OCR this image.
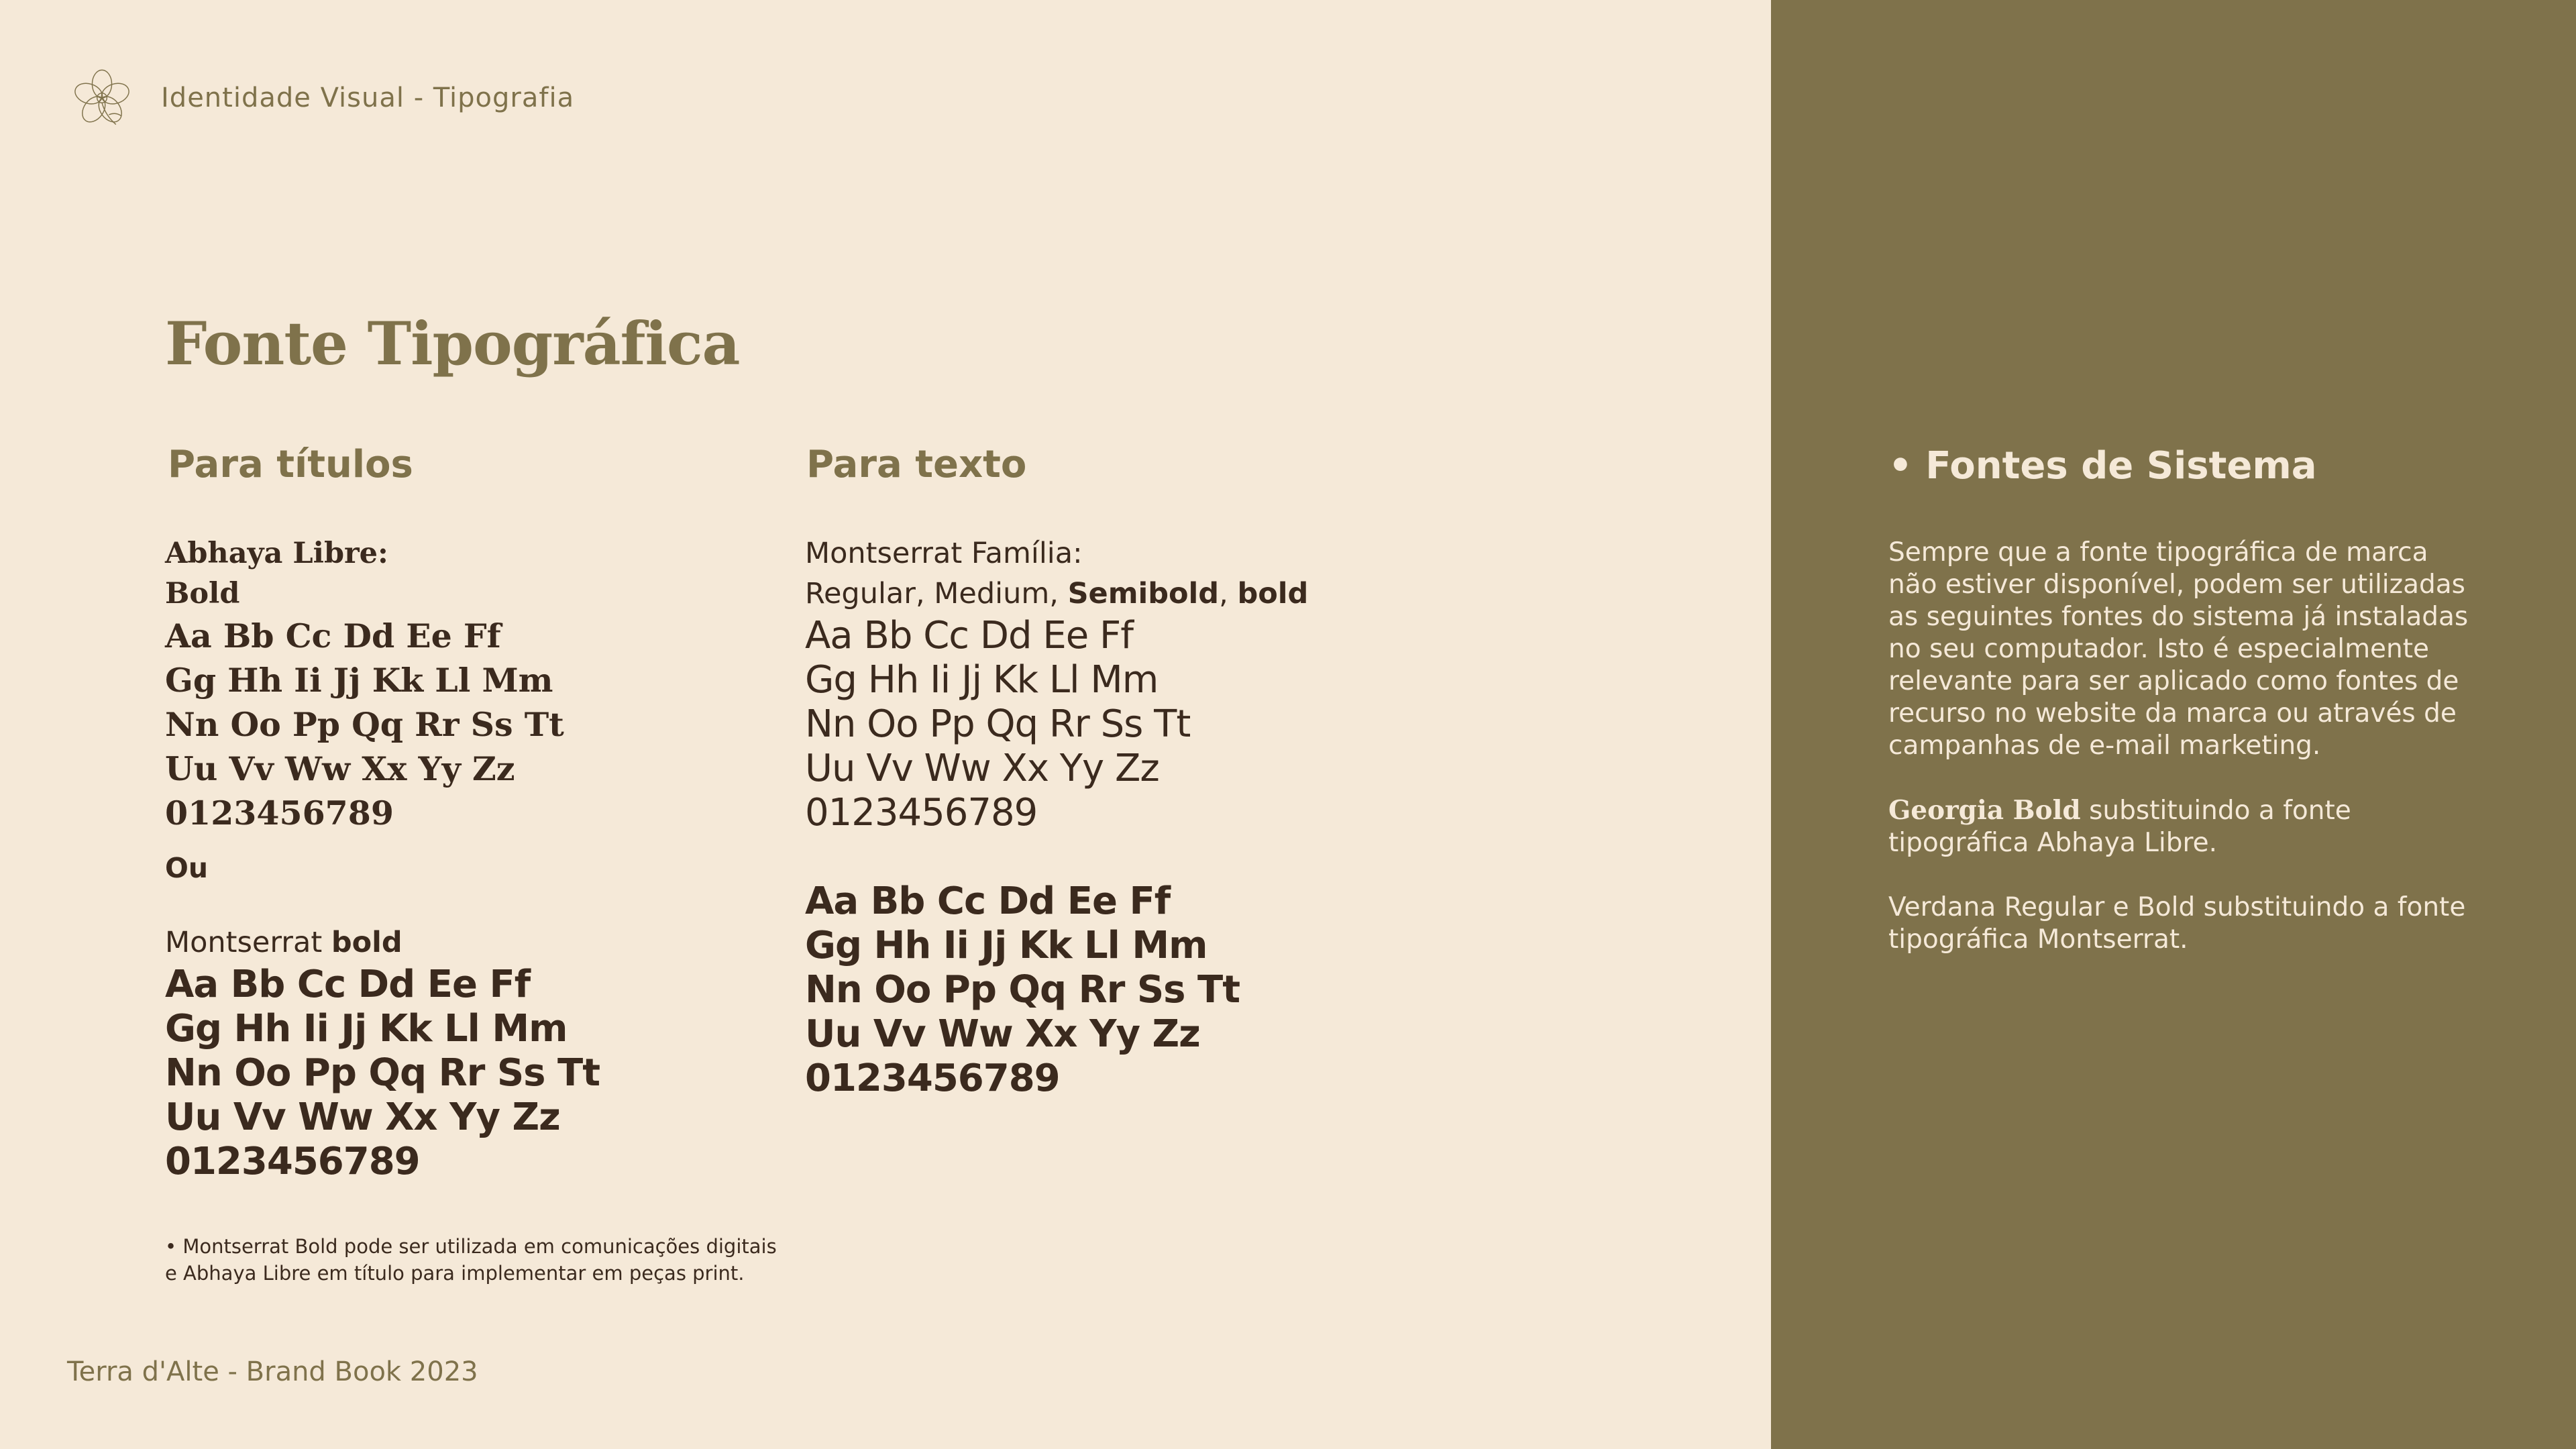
Identidade Visual - Tipografia
Fonte Tipográfica
Para títulos	Para texto
Abhaya Libre:
Bold
Aa Bb Cc Dd Ee Ff
Gg Hh Ii Jj Kk Ll Mm
Nn Oo Pp Qq Rr Ss Tt
Uu Vv Ww Xx Yy Zz
0123456789
Ou
Montserrat bold
Aa Bb Cc Dd Ee Ff
Gg Hh Ii Jj Kk Ll Mm
Nn Oo Pp Qq Rr Ss Tt
Uu Vv Ww Xx Yy Zz
0123456789
Montserrat Família:
Regular, Medium, Semibold, bold
Aa Bb Cc Dd Ee Ff
Gg Hh Ii Jj Kk Ll Mm
Nn Oo Pp Qq Rr Ss Tt
Uu Vv Ww Xx Yy Zz
0123456789
Aa Bb Cc Dd Ee Ff
Gg Hh Ii Jj Kk Ll Mm
Nn Oo Pp Qq Rr Ss Tt
Uu Vv Ww Xx Yy Zz
0123456789
• Montserrat Bold pode ser utilizada em comunicações digitais
e Abhaya Libre em título para implementar em peças print.
Terra d'Alte - Brand Book 2023
• Fontes de Sistema

Sempre que a fonte tipográfica de marca não estiver disponível, podem ser utilizadas as seguintes fontes do sistema já instaladas no seu computador. Isto é especialmente relevante para ser aplicado como fontes de recurso no website da marca ou através de campanhas de e-mail marketing.

Georgia Bold substituindo a fonte tipográfica Abhaya Libre.

Verdana Regular e Bold substituindo a fonte tipográfica Montserrat.
